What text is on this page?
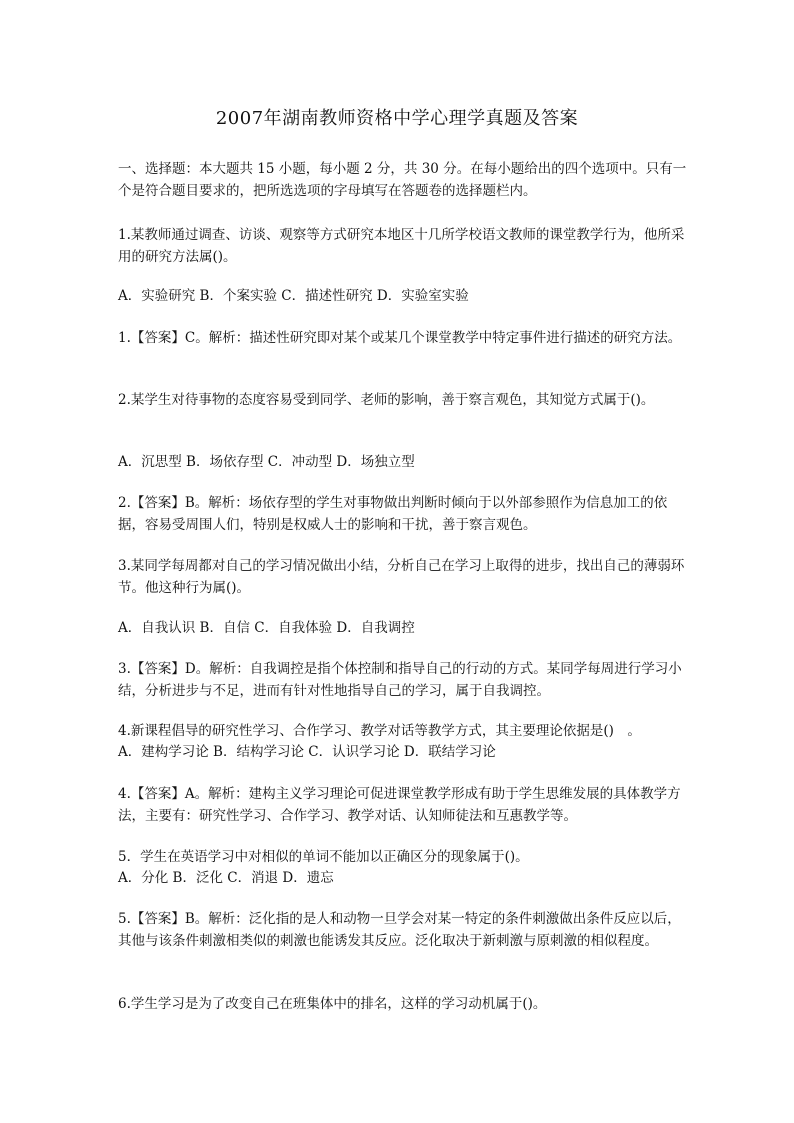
2007年湖南教师资格中学心理学真题及答案

一、选择题：本大题共 15 小题，每小题 2 分，共 30 分。在每小题给出的四个选项中。只有一个是符合题目要求的，把所选选项的字母填写在答题卷的选择题栏内。

1.某教师通过调查、访谈、观察等方式研究本地区十几所学校语文教师的课堂教学行为，他所采用的研究方法属()。

A．实验研究 B．个案实验 C．描述性研究 D．实验室实验

1.【答案】C。解析：描述性研究即对某个或某几个课堂教学中特定事件进行描述的研究方法。

2.某学生对待事物的态度容易受到同学、老师的影响，善于察言观色，其知觉方式属于()。

A．沉思型 B．场依存型 C．冲动型 D．场独立型

2.【答案】B。解析：场依存型的学生对事物做出判断时倾向于以外部参照作为信息加工的依据，容易受周围人们，特别是权威人士的影响和干扰，善于察言观色。

3.某同学每周都对自己的学习情况做出小结，分析自己在学习上取得的进步，找出自己的薄弱环节。他这种行为属()。

A．自我认识 B．自信 C．自我体验 D．自我调控

3.【答案】D。解析：自我调控是指个体控制和指导自己的行动的方式。某同学每周进行学习小结，分析进步与不足，进而有针对性地指导自己的学习，属于自我调控。

4.新课程倡导的研究性学习、合作学习、教学对话等教学方式，其主要理论依据是()　。

A．建构学习论 B．结构学习论 C．认识学习论 D．联结学习论

4.【答案】A。解析：建构主义学习理论可促进课堂教学形成有助于学生思维发展的具体教学方法，主要有：研究性学习、合作学习、教学对话、认知师徒法和互惠教学等。

5．学生在英语学习中对相似的单词不能加以正确区分的现象属于()。

A．分化 B．泛化 C．消退 D．遗忘

5.【答案】B。解析：泛化指的是人和动物一旦学会对某一特定的条件刺激做出条件反应以后，其他与该条件刺激相类似的刺激也能诱发其反应。泛化取决于新刺激与原刺激的相似程度。

6.学生学习是为了改变自己在班集体中的排名，这样的学习动机属于()。
